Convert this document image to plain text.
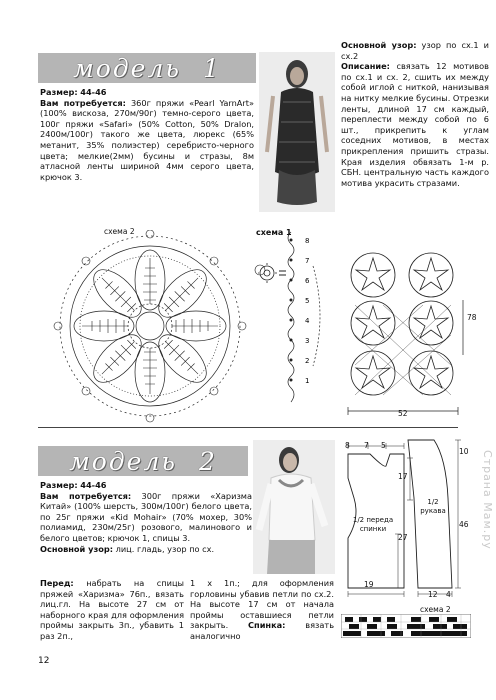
Основной узор: узор по сх.1 и сх.2
Описание: связать 12 мотивов по сх.1 и сх. 2, сшить их между собой иглой с ниткой, нанизывая на нитку мелкие бусины. Отрезки ленты, длиной 17 см каждый, переплести между собой по 6 шт., прикрепить к углам соседних мотивов, в местах прикрепления пришить стразы. Края изделия обвязать 1-м р. СБН. центральную часть каждого мотива украсить стразами.
модель 1
Размер: 44-46
Вам потребуется: 360г пряжи «Pearl YarnArt» (100% вискоза, 270м/90г) темно-серого цвета, 100г пряжи «Safari» (50% Cotton, 50% Dralon, 2400м/100г) такого же цвета, люрекс (65% метанит, 35% полиэстер) серебристо-черного цвета; мелкие(2мм) бусины и стразы, 8м атласной ленты шириной 4мм серого цвета, крючок 3.
схема 2	схема 1
8
7
6
5
4
3
2
1
52
78
модель 2
Размер: 44-46
Вам потребуется: 300г пряжи «Харизма Китай» (100% шерсть, 300м/100г) белого цвета, по 25г пряжи «Kid Mohair» (70% мохер, 30% полиамид, 230м/25г) розового, малинового и белого цветов; крючок 1, спицы 3.
Основной узор: лиц. гладь, узор по сх.
Перед: набрать на спицы пряжей «Харизма» 76п., вязать лиц.гл. На высоте 27 см от наборного края для оформления проймы закрыть 3п., убавить 1 раз 2п.,
1 х 1п.; для оформления горловины убавив петли по сх.2. На высоте 17 см от начала проймы оставшиеся петли закрыть. Спинка: вязать аналогично
8 7 5
10
17
27
19
12 4
46
1/2 переда спинки
1/2 рукава
схема 2
Страна Мам.ру
12
